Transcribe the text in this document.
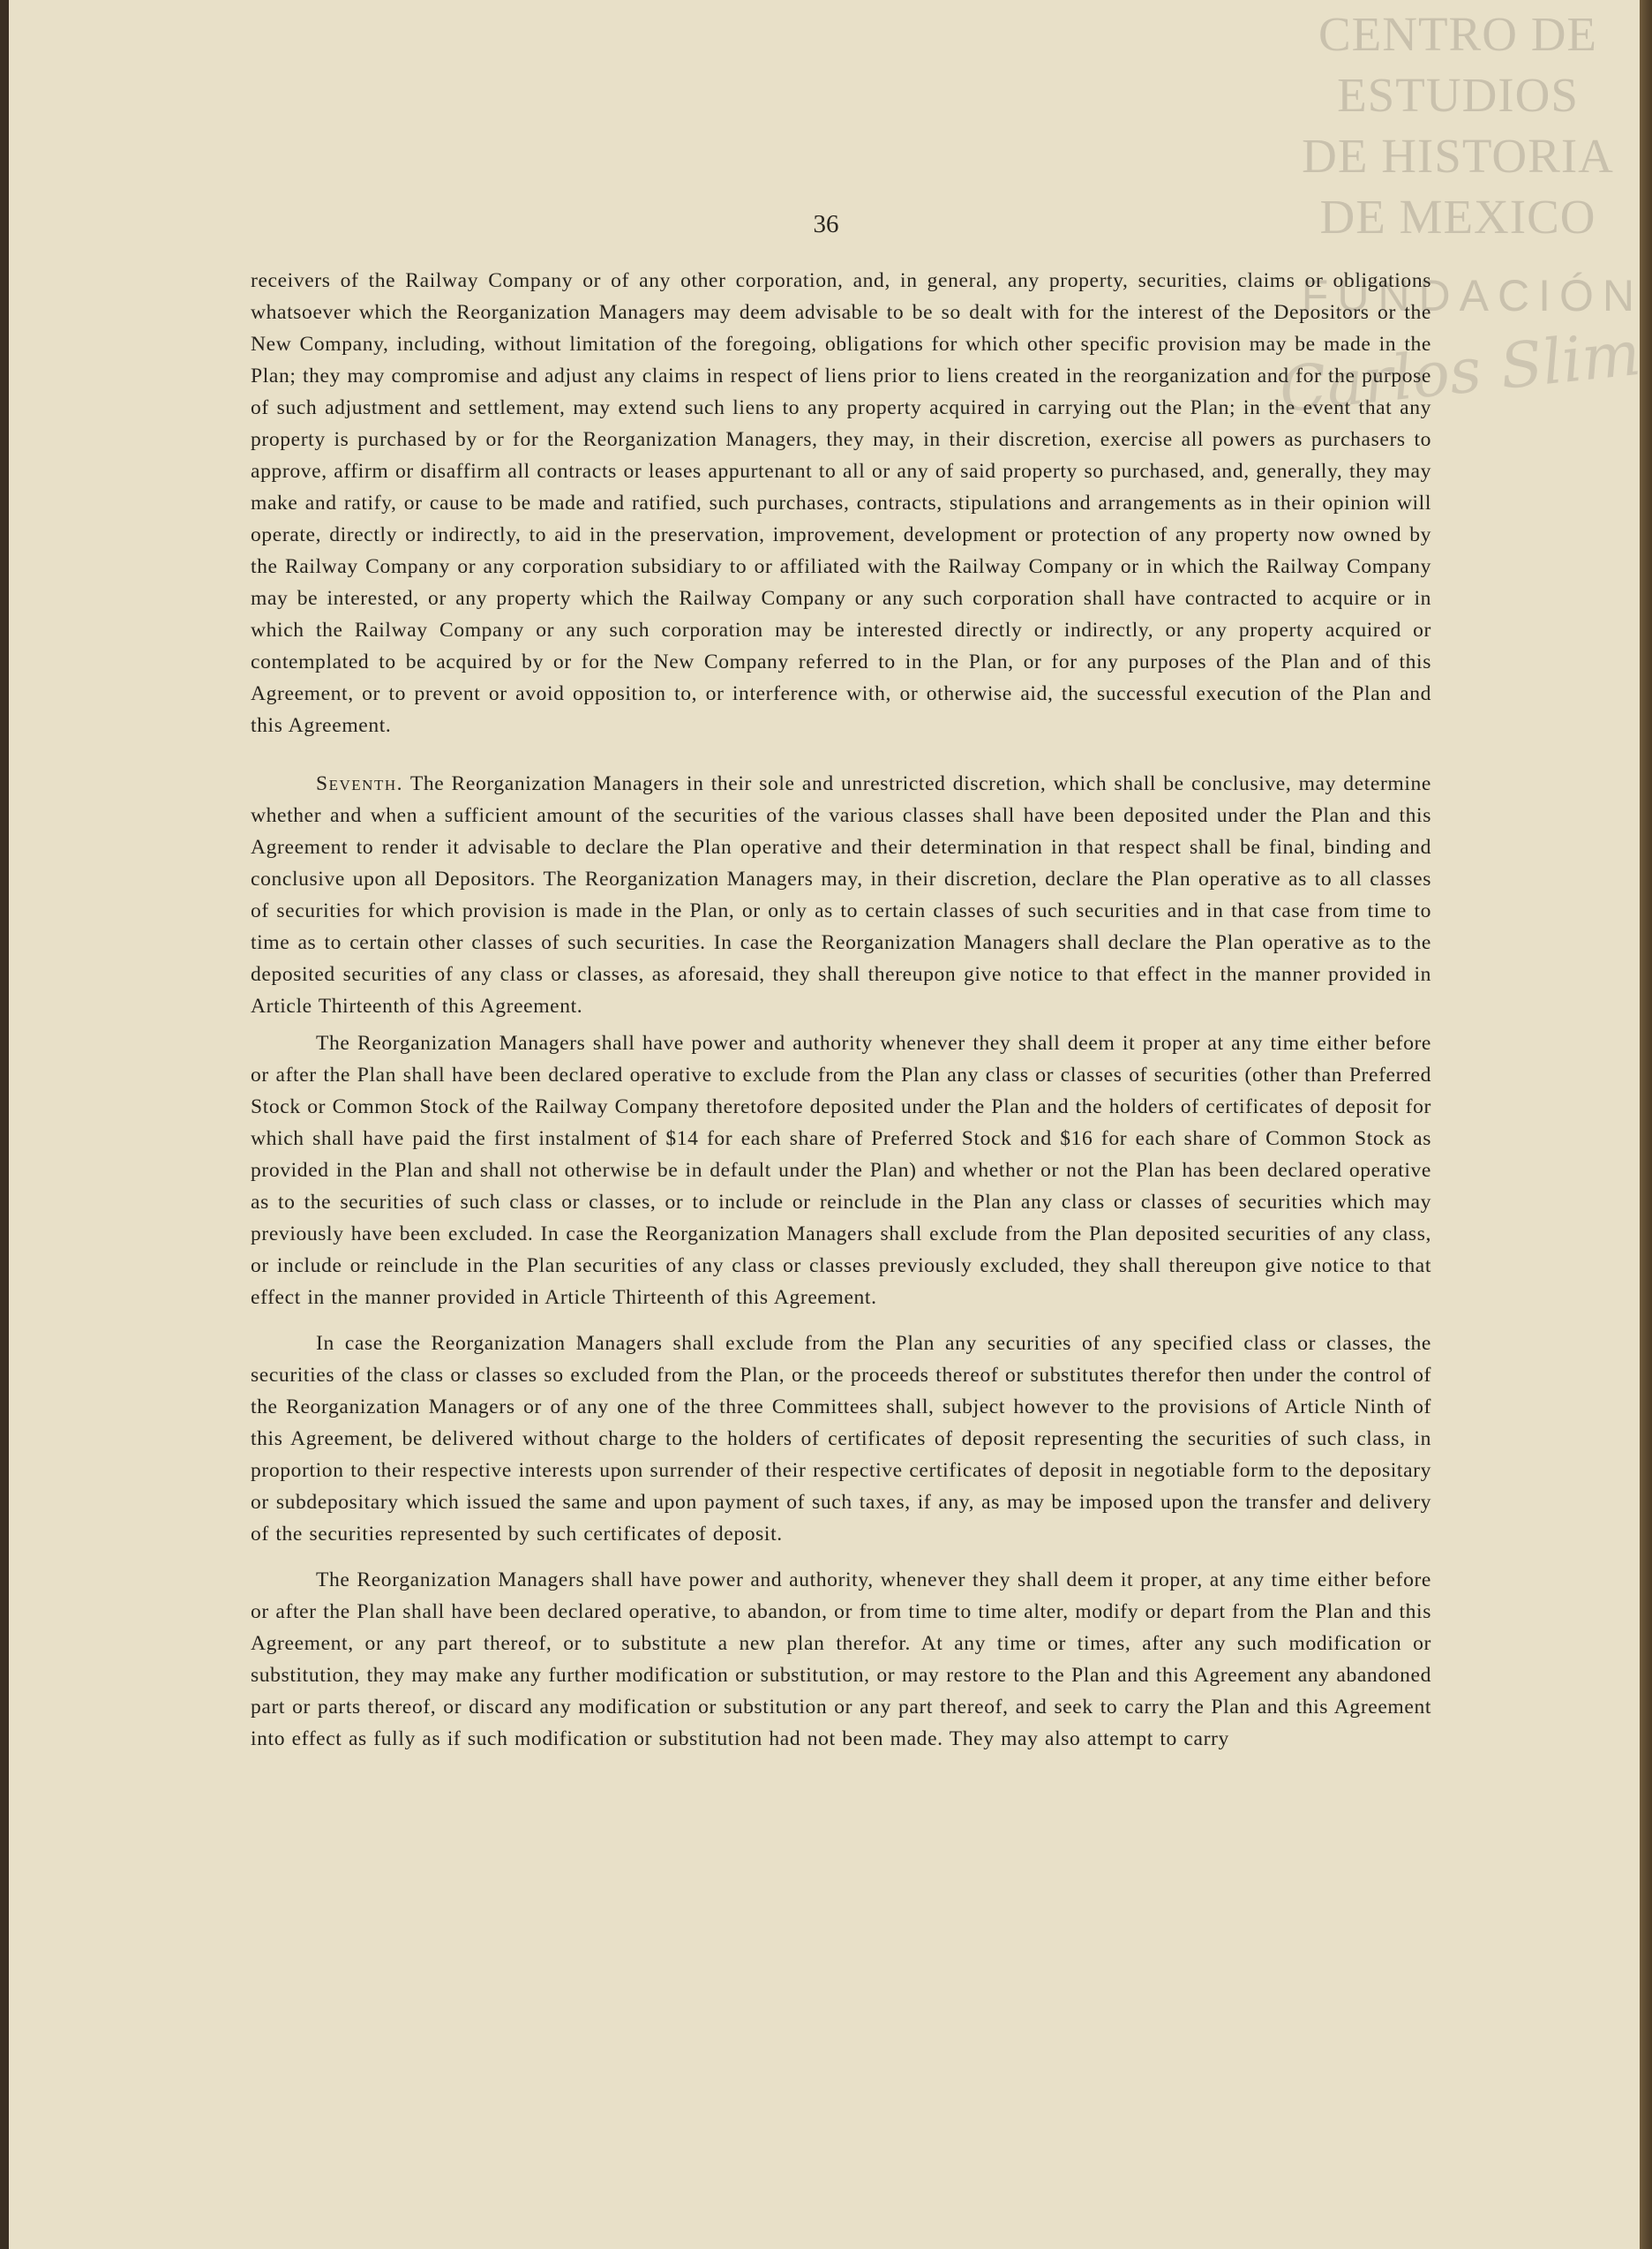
CENTRO DE
ESTUDIOS
DE HISTORIA
DE MEXICO
FUNDACIÓN
Carlos Slim
36

receivers of the Railway Company or of any other corporation, and, in general, any property, securities, claims or obligations whatsoever which the Reorganization Managers may deem advisable to be so dealt with for the interest of the Depositors or the New Company, including, without limitation of the foregoing, obligations for which other specific provision may be made in the Plan; they may compromise and adjust any claims in respect of liens prior to liens created in the reorganization and for the purpose of such adjustment and settlement, may extend such liens to any property acquired in carrying out the Plan; in the event that any property is purchased by or for the Reorganization Managers, they may, in their discretion, exercise all powers as purchasers to approve, affirm or disaffirm all contracts or leases appurtenant to all or any of said property so purchased, and, generally, they may make and ratify, or cause to be made and ratified, such purchases, contracts, stipulations and arrangements as in their opinion will operate, directly or indirectly, to aid in the preservation, improvement, development or protection of any property now owned by the Railway Company or any corporation subsidiary to or affiliated with the Railway Company or in which the Railway Company may be interested, or any property which the Railway Company or any such corporation shall have contracted to acquire or in which the Railway Company or any such corporation may be interested directly or indirectly, or any property acquired or contemplated to be acquired by or for the New Company referred to in the Plan, or for any purposes of the Plan and of this Agreement, or to prevent or avoid opposition to, or interference with, or otherwise aid, the successful execution of the Plan and this Agreement.

Seventh. The Reorganization Managers in their sole and unrestricted discretion, which shall be conclusive, may determine whether and when a sufficient amount of the securities of the various classes shall have been deposited under the Plan and this Agreement to render it advisable to declare the Plan operative and their determination in that respect shall be final, binding and conclusive upon all Depositors. The Reorganization Managers may, in their discretion, declare the Plan operative as to all classes of securities for which provision is made in the Plan, or only as to certain classes of such securities and in that case from time to time as to certain other classes of such securities. In case the Reorganization Managers shall declare the Plan operative as to the deposited securities of any class or classes, as aforesaid, they shall thereupon give notice to that effect in the manner provided in Article Thirteenth of this Agreement.

The Reorganization Managers shall have power and authority whenever they shall deem it proper at any time either before or after the Plan shall have been declared operative to exclude from the Plan any class or classes of securities (other than Preferred Stock or Common Stock of the Railway Company theretofore deposited under the Plan and the holders of certificates of deposit for which shall have paid the first instalment of $14 for each share of Preferred Stock and $16 for each share of Common Stock as provided in the Plan and shall not otherwise be in default under the Plan) and whether or not the Plan has been declared operative as to the securities of such class or classes, or to include or reinclude in the Plan any class or classes of securities which may previously have been excluded. In case the Reorganization Managers shall exclude from the Plan deposited securities of any class, or include or reinclude in the Plan securities of any class or classes previously excluded, they shall thereupon give notice to that effect in the manner provided in Article Thirteenth of this Agreement.

In case the Reorganization Managers shall exclude from the Plan any securities of any specified class or classes, the securities of the class or classes so excluded from the Plan, or the proceeds thereof or substitutes therefor then under the control of the Reorganization Managers or of any one of the three Committees shall, subject however to the provisions of Article Ninth of this Agreement, be delivered without charge to the holders of certificates of deposit representing the securities of such class, in proportion to their respective interests upon surrender of their respective certificates of deposit in negotiable form to the depositary or subdepositary which issued the same and upon payment of such taxes, if any, as may be imposed upon the transfer and delivery of the securities represented by such certificates of deposit.

The Reorganization Managers shall have power and authority, whenever they shall deem it proper, at any time either before or after the Plan shall have been declared operative, to abandon, or from time to time alter, modify or depart from the Plan and this Agreement, or any part thereof, or to substitute a new plan therefor. At any time or times, after any such modification or substitution, they may make any further modification or substitution, or may restore to the Plan and this Agreement any abandoned part or parts thereof, or discard any modification or substitution or any part thereof, and seek to carry the Plan and this Agreement into effect as fully as if such modification or substitution had not been made. They may also attempt to carry
